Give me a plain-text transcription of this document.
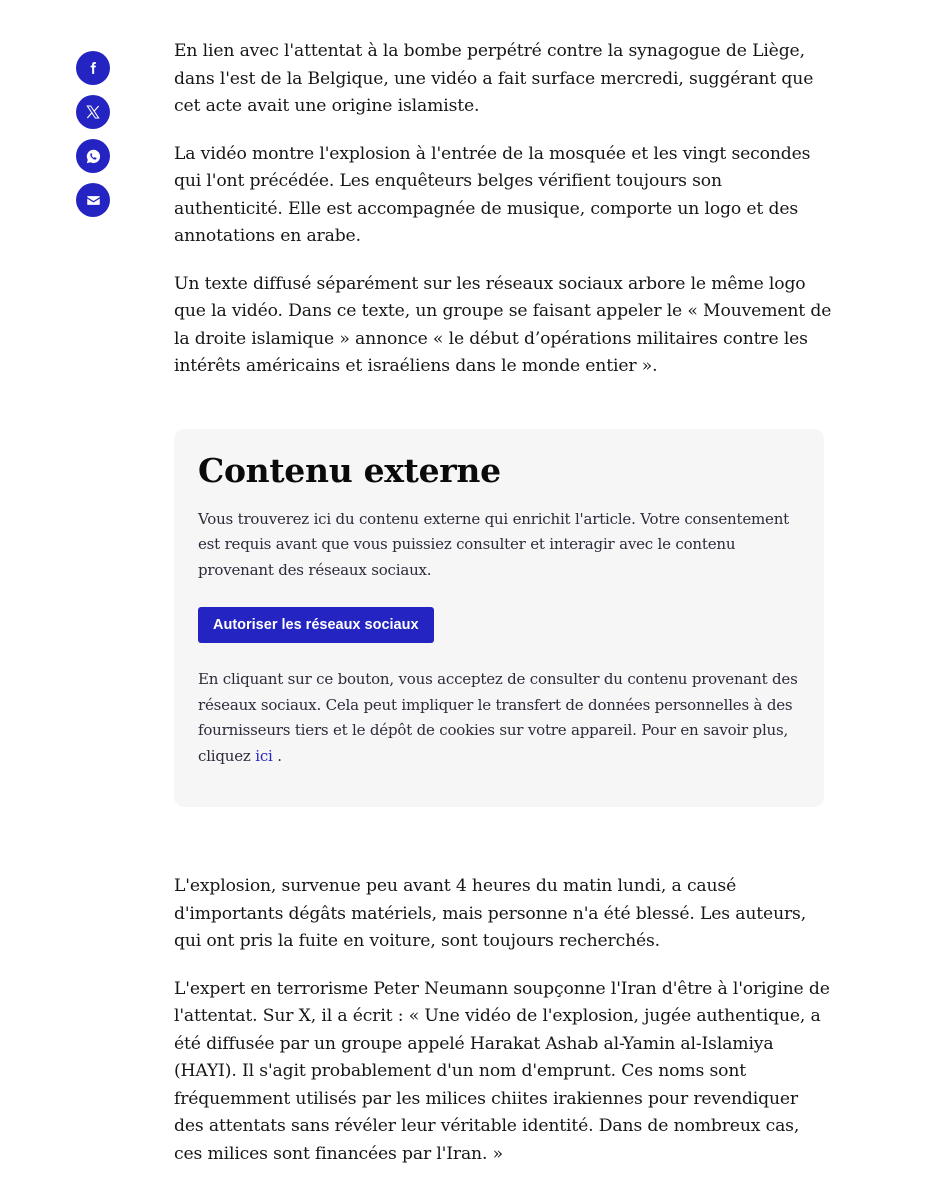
En lien avec l'attentat à la bombe perpétré contre la synagogue de Liège, dans l'est de la Belgique, une vidéo a fait surface mercredi, suggérant que cet acte avait une origine islamiste.

La vidéo montre l'explosion à l'entrée de la mosquée et les vingt secondes qui l'ont précédée. Les enquêteurs belges vérifient toujours son authenticité. Elle est accompagnée de musique, comporte un logo et des annotations en arabe.

Un texte diffusé séparément sur les réseaux sociaux arbore le même logo que la vidéo. Dans ce texte, un groupe se faisant appeler le « Mouvement de la droite islamique » annonce « le début d’opérations militaires contre les intérêts américains et israéliens dans le monde entier ».

Contenu externe

Vous trouverez ici du contenu externe qui enrichit l'article. Votre consentement est requis avant que vous puissiez consulter et interagir avec le contenu provenant des réseaux sociaux.

Autoriser les réseaux sociaux

En cliquant sur ce bouton, vous acceptez de consulter du contenu provenant des réseaux sociaux. Cela peut impliquer le transfert de données personnelles à des fournisseurs tiers et le dépôt de cookies sur votre appareil. Pour en savoir plus, cliquez ici .

L'explosion, survenue peu avant 4 heures du matin lundi, a causé d'importants dégâts matériels, mais personne n'a été blessé. Les auteurs, qui ont pris la fuite en voiture, sont toujours recherchés.

L'expert en terrorisme Peter Neumann soupçonne l'Iran d'être à l'origine de l'attentat. Sur X, il a écrit : « Une vidéo de l'explosion, jugée authentique, a été diffusée par un groupe appelé Harakat Ashab al-Yamin al-Islamiya (HAYI). Il s'agit probablement d'un nom d'emprunt. Ces noms sont fréquemment utilisés par les milices chiites irakiennes pour revendiquer des attentats sans révéler leur véritable identité. Dans de nombreux cas, ces milices sont financées par l'Iran. »
